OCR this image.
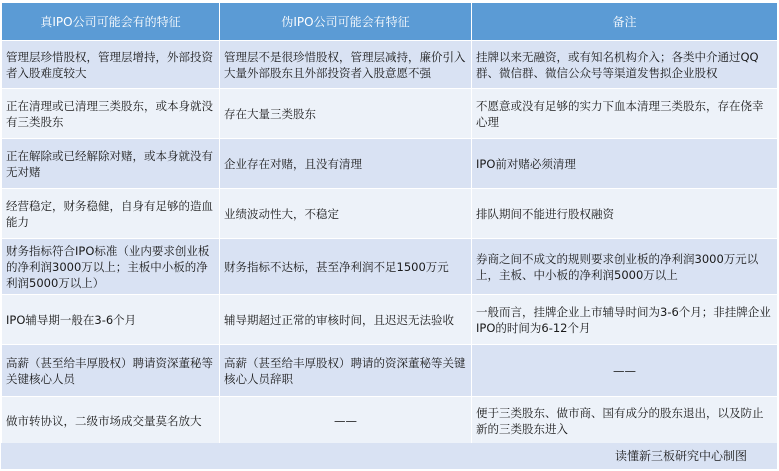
真IPO公司可能会有的特征	伪IPO公司可能会有特征	备注
管理层珍惜股权，管理层增持，外部投资者入股难度较大	管理层不是很珍惜股权，管理层减持，廉价引入大量外部股东且外部投资者入股意愿不强	挂牌以来无融资，或有知名机构介入；各类中介通过QQ群、微信群、微信公众号等渠道发售拟企业股权
正在清理或已清理三类股东，或本身就没有三类股东	存在大量三类股东	不愿意或没有足够的实力下血本清理三类股东，存在侥幸心理
正在解除或已经解除对赌，或本身就没有无对赌	企业存在对赌，且没有清理	IPO前对赌必须清理
经营稳定，财务稳健，自身有足够的造血能力	业绩波动性大，不稳定	排队期间不能进行股权融资
财务指标符合IPO标准（业内要求创业板的净利润3000万以上；主板中小板的净利润5000万以上）	财务指标不达标，甚至净利润不足1500万元	券商之间不成文的规则要求创业板的净利润3000万元以上，主板、中小板的净利润5000万以上
IPO辅导期一般在3-6个月	辅导期超过正常的审核时间，且迟迟无法验收	一般而言，挂牌企业上市辅导时间为3-6个月；非挂牌企业IPO的时间为6-12个月
高薪（甚至给丰厚股权）聘请资深董秘等关键核心人员	高薪（甚至给丰厚股权）聘请的资深董秘等关键核心人员辞职	——
做市转协议，二级市场成交量莫名放大	——	便于三类股东、做市商、国有成分的股东退出，以及防止新的三类股东进入
读懂新三板研究中心制图
